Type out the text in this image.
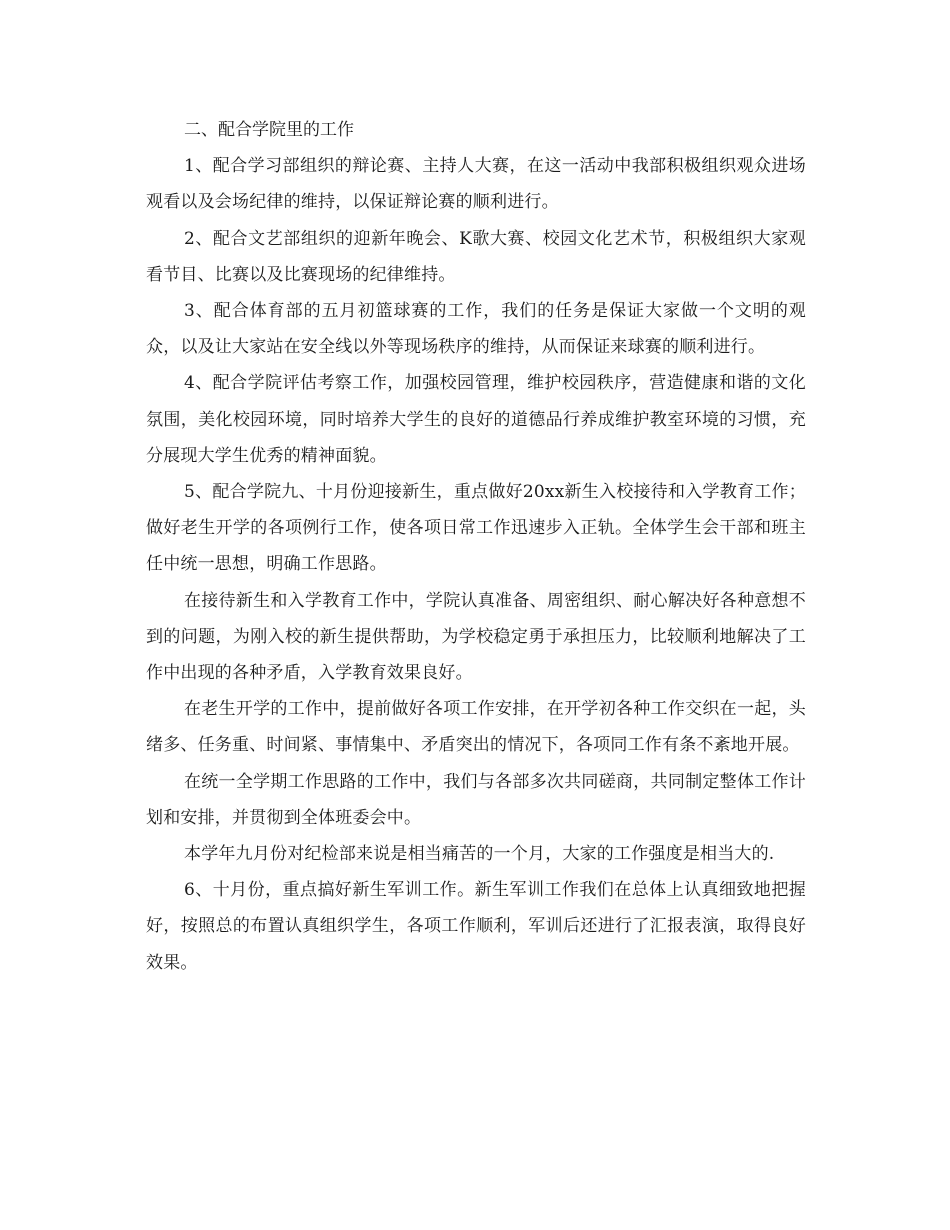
二、配合学院里的工作

1、配合学习部组织的辩论赛、主持人大赛，在这一活动中我部积极组织观众进场观看以及会场纪律的维持，以保证辩论赛的顺利进行。

2、配合文艺部组织的迎新年晚会、K歌大赛、校园文化艺术节，积极组织大家观看节目、比赛以及比赛现场的纪律维持。

3、配合体育部的五月初篮球赛的工作，我们的任务是保证大家做一个文明的观众，以及让大家站在安全线以外等现场秩序的维持，从而保证来球赛的顺利进行。

4、配合学院评估考察工作，加强校园管理，维护校园秩序，营造健康和谐的文化氛围，美化校园环境，同时培养大学生的良好的道德品行养成维护教室环境的习惯，充分展现大学生优秀的精神面貌。

5、配合学院九、十月份迎接新生，重点做好20xx新生入校接待和入学教育工作；做好老生开学的各项例行工作，使各项日常工作迅速步入正轨。全体学生会干部和班主任中统一思想，明确工作思路。

在接待新生和入学教育工作中，学院认真准备、周密组织、耐心解决好各种意想不到的问题，为刚入校的新生提供帮助，为学校稳定勇于承担压力，比较顺利地解决了工作中出现的各种矛盾，入学教育效果良好。

在老生开学的工作中，提前做好各项工作安排，在开学初各种工作交织在一起，头绪多、任务重、时间紧、事情集中、矛盾突出的情况下，各项同工作有条不紊地开展。

在统一全学期工作思路的工作中，我们与各部多次共同磋商，共同制定整体工作计划和安排，并贯彻到全体班委会中。

本学年九月份对纪检部来说是相当痛苦的一个月，大家的工作强度是相当大的.

6、十月份，重点搞好新生军训工作。新生军训工作我们在总体上认真细致地把握好，按照总的布置认真组织学生，各项工作顺利，军训后还进行了汇报表演，取得良好效果。
